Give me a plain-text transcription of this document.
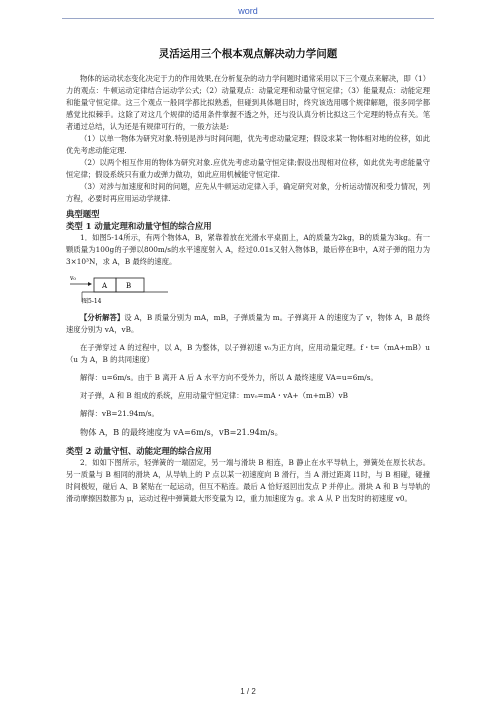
word
灵活运用三个根本观点解决动力学问题

物体的运动状态变化决定于力的作用效果,在分析复杂的动力学问题时通常采用以下三个观点来解决，即（1）力的观点：牛顿运动定律结合运动学公式;（2）动量观点：动量定理和动量守恒定律；（3）能量观点：动能定理和能量守恒定律。这三个观点一般同学都比拟熟悉，但碰到具体题目时，终究该选用哪个规律解题，很多同学都感觉比拟棘手。这除了对这几个规律的适用条件掌握不透之外，还与没认真分析比拟这三个定理的特点有关。笔者通过总结，认为还是有规律可行的，一般方法是:

（1）以单一物体为研究对象.特别是涉与时间问题，优先考虑动量定理；假设求某一物体相对地的位移，如此优先考虑动能定理.

（2）以两个相互作用的物体为研究对象.应优先考虑动量守恒定律;假设出现相对位移，如此优先考虑能量守恒定律；假设系统只有重力或弹力做功，如此应用机械能守恒定律.

（3）对涉与加速度和时间的问题，应先从牛顿运动定律入手，确定研究对象，分析运动情况和受力情况，列方程，必要时再应用运动学规律.

典型题型
类型 1 动量定理和动量守恒的综合应用

1．如图5-14所示，有两个物体A，B，紧靠着放在光滑水平桌面上，A的质量为2kg，B的质量为3kg。有一颗质量为100g的子弹以800m/s的水平速度射入 A，经过0.01s又射入物体B，最后停在B中，A对子弹的阻力为3×10³N，求 A，B 最终的速度。

v₀
A	B
图5-14

【分析解答】设 A，B 质量分别为 mA，mB，子弹质量为 m。子弹离开 A 的速度为了 v，物体 A，B 最终速度分别为 vA，vB。

在子弹穿过 A 的过程中，以 A，B 为整体，以子弹初速 v₀为正方向，应用动量定理。f・t=（mA+mB）u （u 为 A，B 的共同速度）

解得：u=6m/s。由于 B 离开 A 后 A 水平方向不受外力，所以 A 最终速度 VA=u=6m/s。

对子弹，A 和 B 组成的系统，应用动量守恒定律：mv₀=mA・vA+（m+mB）vB

解得：vB=21.94m/s。

物体 A，B 的最终速度为 vA=6m/s，vB=21.94m/s。

类型 2 动量守恒、动能定理的综合应用

2．如如下图所示，轻弹簧的一端固定，另一端与滑块 B 相连，B 静止在水平导轨上，弹簧处在原长状态。另一质量与 B 相同的滑块 A，从导轨上的 P 点以某一初速度向 B 滑行，当 A 滑过距离 l1时，与 B 相碰，碰撞时间极短，碰后 A、B 紧贴在一起运动，但互不粘连。最后 A 恰好返回出发点 P 并停止。滑块 A 和 B 与导轨的滑动摩擦因数都为 μ，运动过程中弹簧最大形变量为 l2，重力加速度为 g。求 A 从 P 出发时的初速度 v0。

1 / 2
